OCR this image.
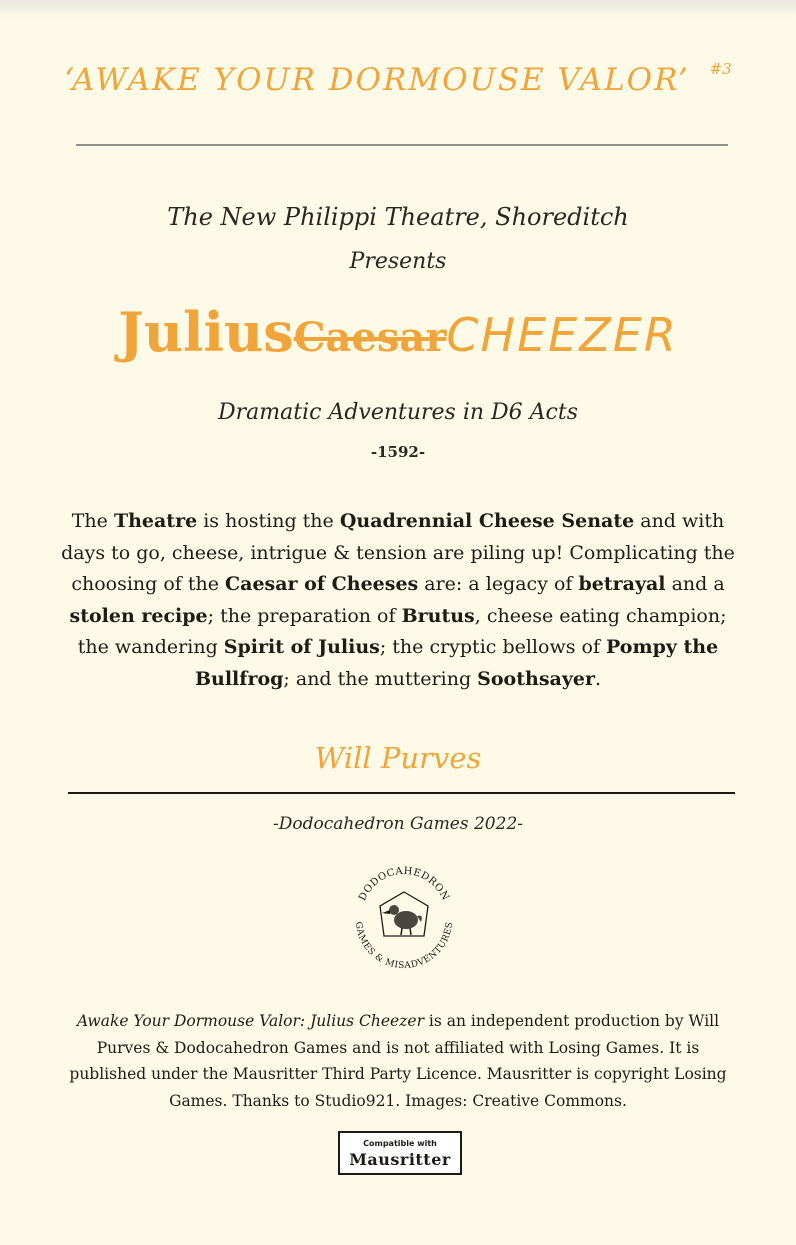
‘AWAKE YOUR DORMOUSE VALOR’ $^{\#3}$
The New Philippi Theatre, Shoreditch
Presents
JuliusCaesarCHEEZER
Dramatic Adventures in D6 Acts
-1592-
The Theatre is hosting the Quadrennial Cheese Senate and with days to go, cheese, intrigue & tension are piling up! Complicating the choosing of the Caesar of Cheeses are: a legacy of betrayal and a stolen recipe; the preparation of Brutus, cheese eating champion; the wandering Spirit of Julius; the cryptic bellows of Pompy the Bullfrog; and the muttering Soothsayer.
Will Purves
-Dodocahedron Games 2022-
DODOCAHEDRON
GAMES & MISADVENTURES
Awake Your Dormouse Valor: Julius Cheezer is an independent production by Will Purves & Dodocahedron Games and is not affiliated with Losing Games. It is published under the Mausritter Third Party Licence. Mausritter is copyright Losing Games. Thanks to Studio921. Images: Creative Commons.
Compatible with
Mausritter
